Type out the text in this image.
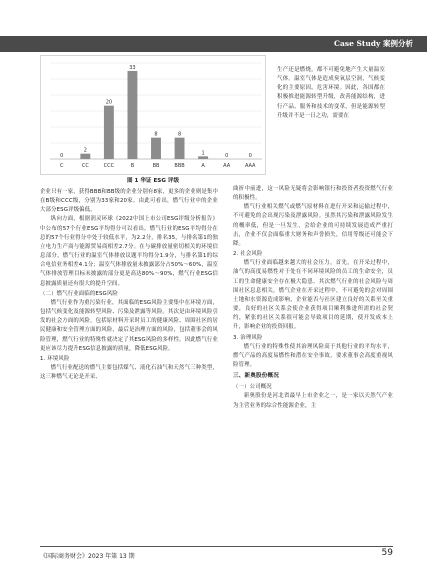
Case Study 案例分析
0
C
2
CC
20
CCC
33
B
8
BB
8
BBB
1
A
0
AA
0
AAA
图 1 华证 ESG 评级

生产还是燃烧，都不可避免地产生大量温室气体。温室气体是造成臭氧层空洞，气候变化的主要原因，危害环境。因此，各国都在积极推进能源转型升级，改善能源结构，进行产品、服务和技术的变革，但是能源转型升级并不是一日之功，需要在

企业只有一家，获得BBB和BB级的企业分别有8家，更多的企业则是集中在B级和CCC级，分别为33家和20家。由此可看出，燃气行业中的企业大部分ESG评级偏低。

纵向方面，根据润灵环球《2022中国上市公司ESG评级分析报告》中公布的57个行业ESG平均得分可以看出，燃气行业的ESG平均得分在总的57个行业得分中处于较低水平，为2.2分，排名35，与排名第1的独立电力生产商与能源贸易商相差2.7分。在与碳排放量密切相关的环境信息部分，燃气行业的温室气体排放议题平均得分1.9分，与排名第1的综合电信业务相差4.1分；温室气体排放量未披露部分占50%～60%，温室气体排放管理目标未披露的部分更是高达80%～90%，燃气行业ESG信息披露质量还有很大的提升空间。

（二）燃气行业面临的ESG风险

燃气行业作为重污染行业，其面临的ESG风险主要集中在环境方面，包括气候变化及能源转型风险、污染及泄露等风险。其次是由环境风险引发的社会方面的风险，包括原材料开采时员工的健康风险、周围社区的居民健康和安全管理方面的风险，最后是治理方面的风险，包括董事会的风险管理，燃气行业的特殊性就决定了其ESG风险的多样性，因此燃气行业更应该尽力提升ESG信息披露的质量，降低ESG风险。

1. 环境风险

燃气行业配送的燃气主要包括煤气、液化石油气和天然气三种类型，这三种燃气无论是开采、

曲折中前进，这一风险无疑将会影响银行和投资者投资燃气行业的积极性。

燃气行业相关燃气或燃气原材料在进行开采和运输过程中，不可避免的会出现污染及泄露风险。虽然其污染和泄露风险发生的概率低，但是一旦发生，会给企业的可持续发展造成严重打击，企业不仅会面临重大财务和声誉损失，信用等级还可能会下降。

2. 社会风险

燃气行业面临越来越大的社会压力。首先，在开采过程中，油气的高度易燃性对于处在不同环境风险的员工的生命安全，员工的生命健康安全存在极大隐患。其次燃气行业的社会风险与周围社区息息相关，燃气企业在开采过程中，不可避免的会对周围土地和水资源造成影响，企业能否与社区建立良好的关系至关重要，良好的社区关系会使企业获得项目顺利推进所需的社会契约，紧张的社区关系很可能会导致项目的延期，使开发成本上升，影响企业的投资回报。

3. 治理风险

燃气行业的特殊性使其治理风险高于其他行业的平均水平，燃气产品的高度易燃性和潜在安全事故，要求董事会高度重视风险管理。

三、新奥股份概况

（一）公司概况

新奥股份是河北省最早上市企业之一，是一家以天然气产业为主营业务的综合性能源企业，主

《国际商务财会》2023 年第 13 期	59
